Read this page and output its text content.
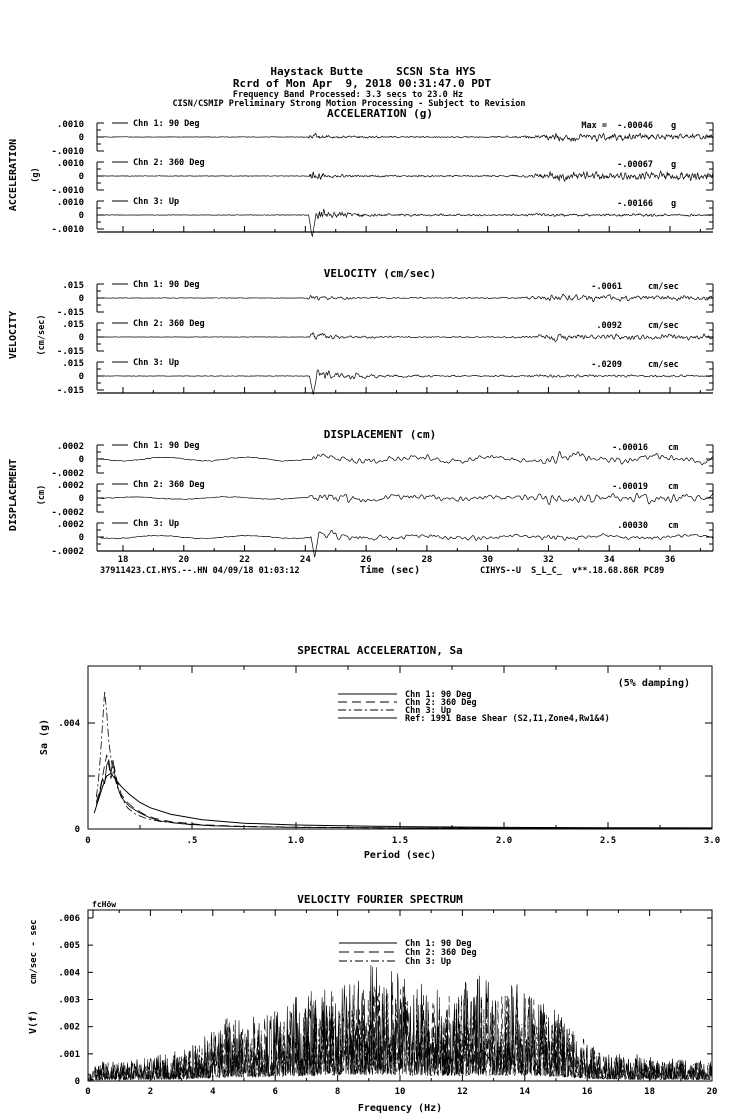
Haystack Butte     SCSN Sta HYS
Rcrd of Mon Apr  9, 2018 00:31:47.0 PDT
Frequency Band Processed: 3.3 secs to 23.0 Hz
CISN/CSMIP Preliminary Strong Motion Processing - Subject to Revision
ACCELERATION (g)
VELOCITY (cm/sec)
DISPLACEMENT (cm)
ACCELERATION (g)
VELOCITY (cm/sec)
DISPLACEMENT (cm)
.0010
0
-.0010
Chn 1: 90 Deg	Max =  -.00046 g
.0010
0
-.0010
Chn 2: 360 Deg	-.00067 g
.0010
0
-.0010
Chn 3: Up	-.00166 g
.015
0
-.015
Chn 1: 90 Deg	-.0061	cm/sec
.015
0
-.015
Chn 2: 360 Deg	.0092	cm/sec
.015
0
-.015
Chn 3: Up	-.0209	cm/sec
.0002
0
-.0002
Chn 1: 90 Deg	-.00016 cm
.0002
0
-.0002
Chn 2: 360 Deg	-.00019 cm
.0002
0
-.0002
Chn 3: Up	.00030 cm
18	20	22	24	26	28	30	32	34	36
Time (sec)
37911423.CI.HYS.--.HN 04/09/18 01:03:12	CIHYS--U  S_L_C_  v**.18.68.86R PC89
SPECTRAL ACCELERATION, Sa
(5% damping)
Sa (g)
Period (sec)
0
.004
0	.5	1.0	1.5	2.0	2.5	3.0
Chn 1: 90 Deg
Chn 2: 360 Deg
Chn 3: Up
Ref: 1991 Base Shear (S2,I1,Zone4,Rw1&4)
VELOCITY FOURIER SPECTRUM
fcHöw
cm/sec - sec
V(f)
Frequency (Hz)
0
.001
.002
.003
.004
.005
.006
0	2	4	6	8	10	12	14	16	18	20
Chn 1: 90 Deg
Chn 2: 360 Deg
Chn 3: Up
